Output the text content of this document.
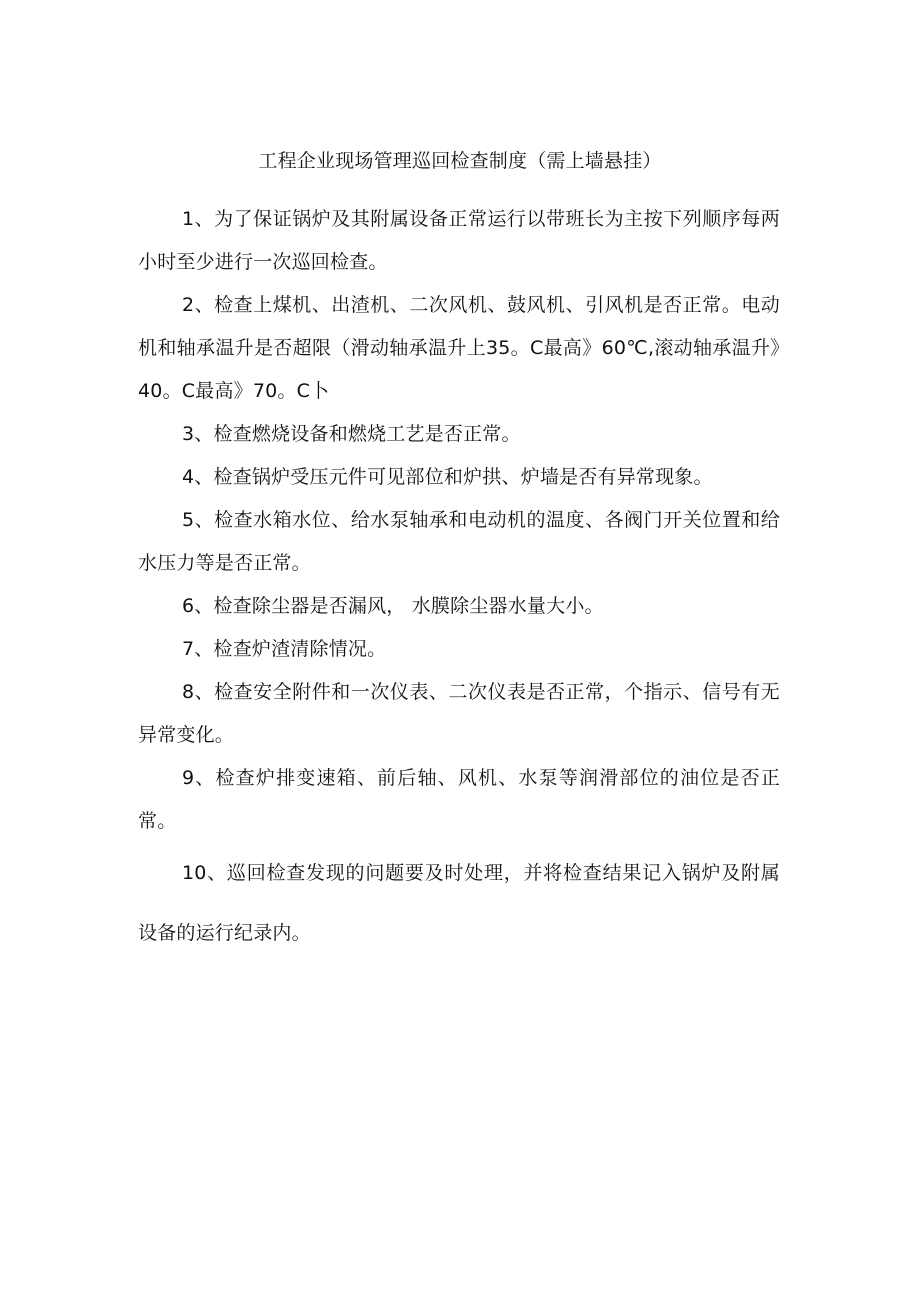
工程企业现场管理巡回检查制度（需上墙悬挂）

1、为了保证锅炉及其附属设备正常运行以带班长为主按下列顺序每两小时至少进行一次巡回检查。

2、检查上煤机、出渣机、二次风机、鼓风机、引风机是否正常。电动机和轴承温升是否超限（滑动轴承温升上35。C最高》60℃,滚动轴承温升》40。C最高》70。C卜

3、检查燃烧设备和燃烧工艺是否正常。

4、检查锅炉受压元件可见部位和炉拱、炉墙是否有异常现象。

5、检查水箱水位、给水泵轴承和电动机的温度、各阀门开关位置和给水压力等是否正常。

6、检查除尘器是否漏风， 水膜除尘器水量大小。

7、检查炉渣清除情况。

8、检查安全附件和一次仪表、二次仪表是否正常，个指示、信号有无异常变化。

9、检查炉排变速箱、前后轴、风机、水泵等润滑部位的油位是否正常。

10、巡回检查发现的问题要及时处理，并将检查结果记入锅炉及附属设备的运行纪录内。
